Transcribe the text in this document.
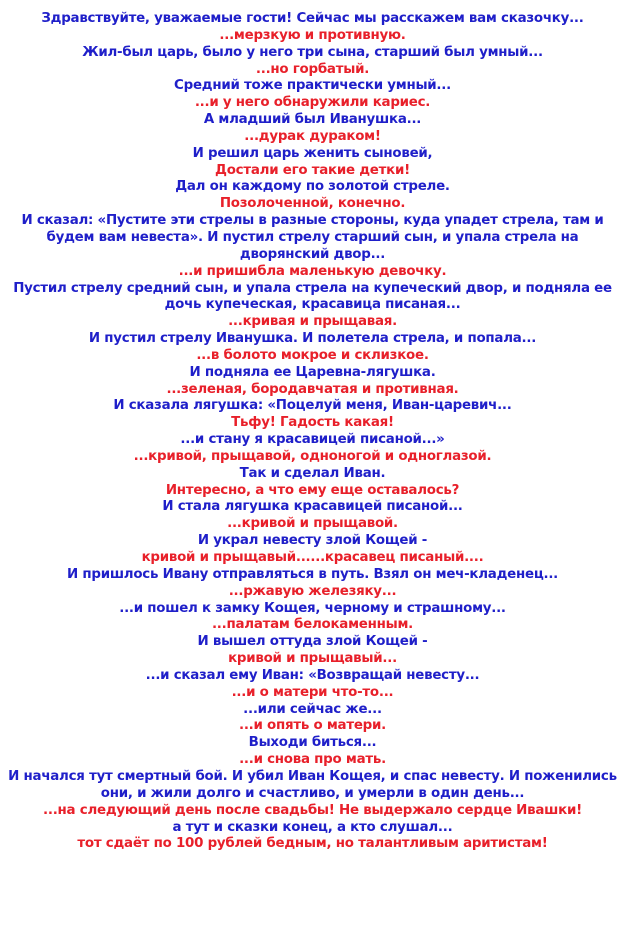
Здравствуйте, уважаемые гости! Сейчас мы расскажем вам сказочку...

...мерзкую и противную.

Жил-был царь, было у него три сына, старший был умный...

...но горбатый.

Средний тоже практически умный...

...и у него обнаружили кариес.

А младший был Иванушка...

...дурак дураком!

И решил царь женить сыновей,

Достали его такие детки!

Дал он каждому по золотой стреле.

Позолоченной, конечно.

И сказал: «Пустите эти стрелы в разные стороны, куда упадет стрела, там и будем вам невеста». И пустил стрелу старший сын, и упала стрела на дворянский двор...

...и пришибла маленькую девочку.

Пустил стрелу средний сын, и упала стрела на купеческий двор, и подняла ее дочь купеческая, красавица писаная...

...кривая и прыщавая.

И пустил стрелу Иванушка. И полетела стрела, и попала...

...в болото мокрое и склизкое.

И подняла ее Царевна-лягушка.

...зеленая, бородавчатая и противная.

И сказала лягушка: «Поцелуй меня, Иван-царевич...

Тьфу! Гадость какая!

...и стану я красавицей писаной...»

...кривой, прыщавой, одноногой и одноглазой.

Так и сделал Иван.

Интересно, а что ему еще оставалось?

И стала лягушка красавицей писаной...

...кривой и прыщавой.

И украл невесту злой Кощей -

кривой и прыщавый......красавец писаный....

И пришлось Ивану отправляться в путь. Взял он меч-кладенец...

...ржавую железяку...

...и пошел к замку Кощея, черному и страшному...

...палатам белокаменным.

И вышел оттуда злой Кощей -

кривой и прыщавый...

...и сказал ему Иван: «Возвращай невесту...

...и о матери что-то...

...или сейчас же...

...и опять о матери.

Выходи биться...

...и снова про мать.

И начался тут смертный бой. И убил Иван Кощея, и спас невесту. И поженились они, и жили долго и счастливо, и умерли в один день...

...на следующий день после свадьбы! Не выдержало сердце Ивашки!

а тут и сказки конец, а кто слушал...

тот сдаёт по 100 рублей бедным, но талантливым аритистам!
